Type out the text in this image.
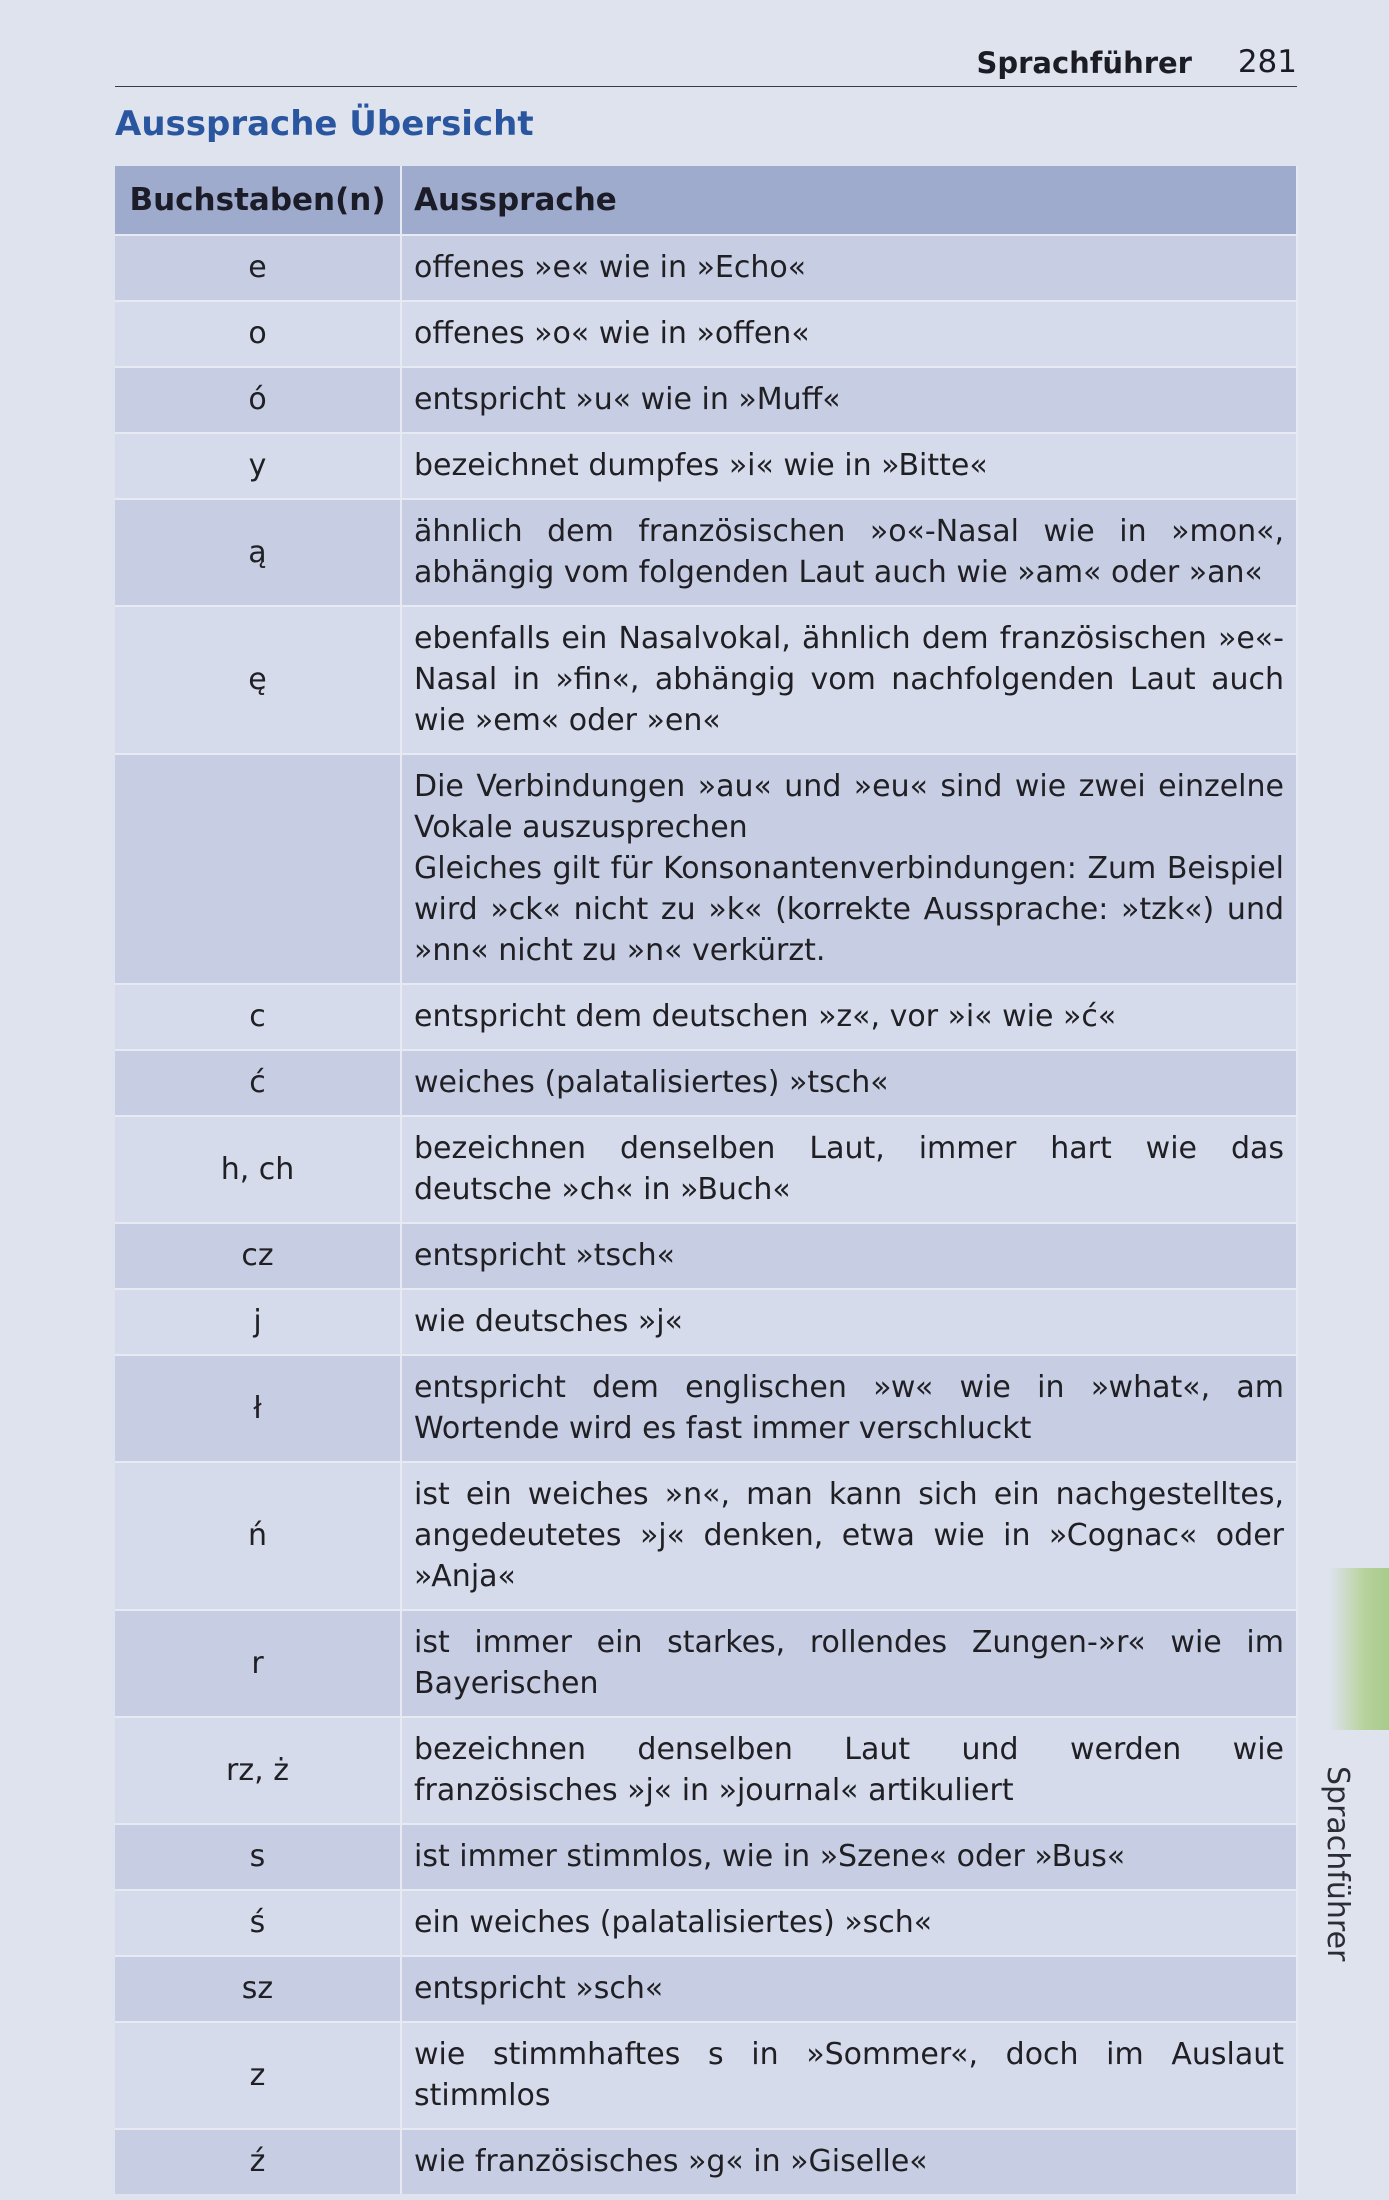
Sprachführer 281
Aussprache Übersicht
Buchstaben(n)	Aussprache
e	offenes »e« wie in »Echo«
o	offenes »o« wie in »offen«
ó	entspricht »u« wie in »Muff«
y	bezeichnet dumpfes »i« wie in »Bitte«
ą	ähnlich dem französischen »o«-Nasal wie in »mon«, abhängig vom folgenden Laut auch wie »am« oder »an«
ę	ebenfalls ein Nasalvokal, ähnlich dem französischen »e«-Nasal in »fin«, abhängig vom nachfolgenden Laut auch wie »em« oder »en«
	Die Verbindungen »au« und »eu« sind wie zwei einzelne Vokale auszusprechen
Gleiches gilt für Konsonantenverbindungen: Zum Beispiel wird »ck« nicht zu »k« (korrekte Aussprache: »tzk«) und »nn« nicht zu »n« verkürzt.
c	entspricht dem deutschen »z«, vor »i« wie »ć«
ć	weiches (palatalisiertes) »tsch«
h, ch	bezeichnen denselben Laut, immer hart wie das deutsche »ch« in »Buch«
cz	entspricht »tsch«
j	wie deutsches »j«
ł	entspricht dem englischen »w« wie in »what«, am Wortende wird es fast immer verschluckt
ń	ist ein weiches »n«, man kann sich ein nachgestelltes, angedeutetes »j« denken, etwa wie in »Cognac« oder »Anja«
r	ist immer ein starkes, rollendes Zungen-»r« wie im Bayerischen
rz, ż	bezeichnen denselben Laut und werden wie französisches »j« in »journal« artikuliert
s	ist immer stimmlos, wie in »Szene« oder »Bus«
ś	ein weiches (palatalisiertes) »sch«
sz	entspricht »sch«
z	wie stimmhaftes s in »Sommer«, doch im Auslaut stimmlos
ź	wie französisches »g« in »Giselle«
Sprachführer
